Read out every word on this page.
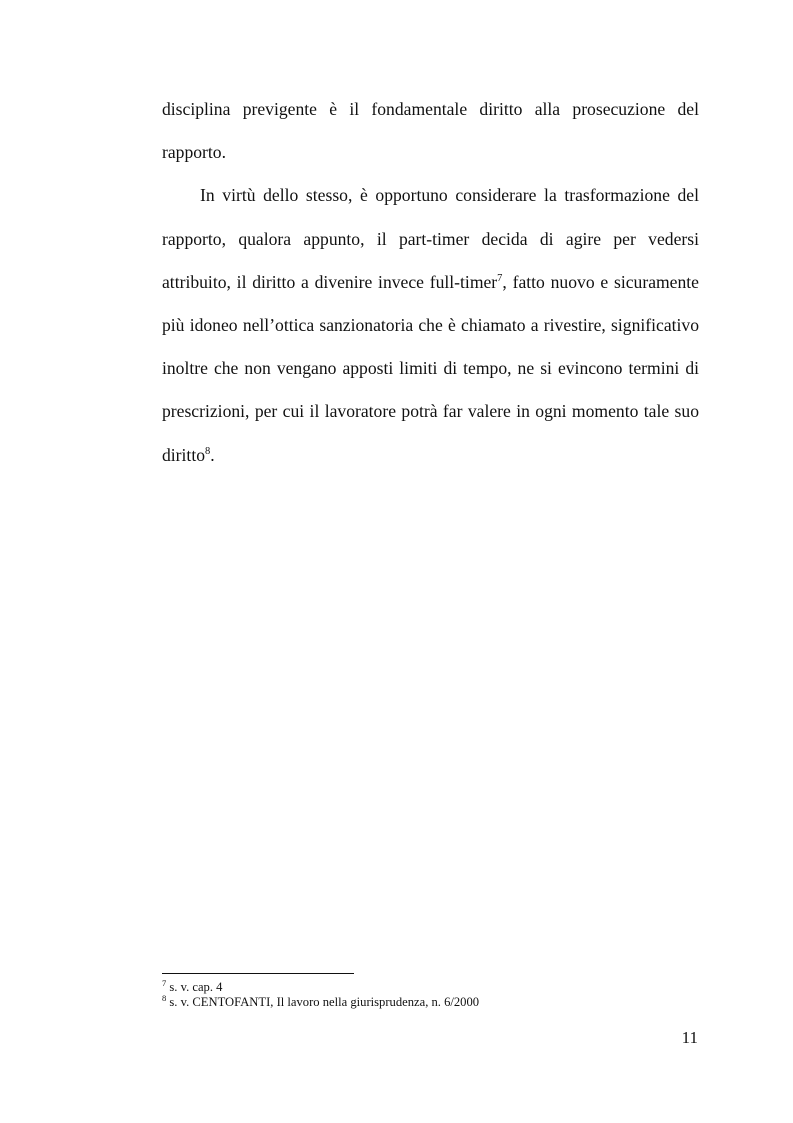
disciplina previgente è il fondamentale diritto alla prosecuzione del rapporto.

In virtù dello stesso, è opportuno considerare la trasformazione del rapporto, qualora appunto, il part-timer decida di agire per vedersi attribuito, il diritto a divenire invece full-timer$^7$, fatto nuovo e sicuramente più idoneo nell’ottica sanzionatoria che è chiamato a rivestire, significativo inoltre che non vengano apposti limiti di tempo, ne si evincono termini di prescrizioni, per cui il lavoratore potrà far valere in ogni momento tale suo diritto$^8$.

$^7$ s. v. cap. 4

$^8$ s. v. CENTOFANTI, Il lavoro nella giurisprudenza, n. 6/2000

11
